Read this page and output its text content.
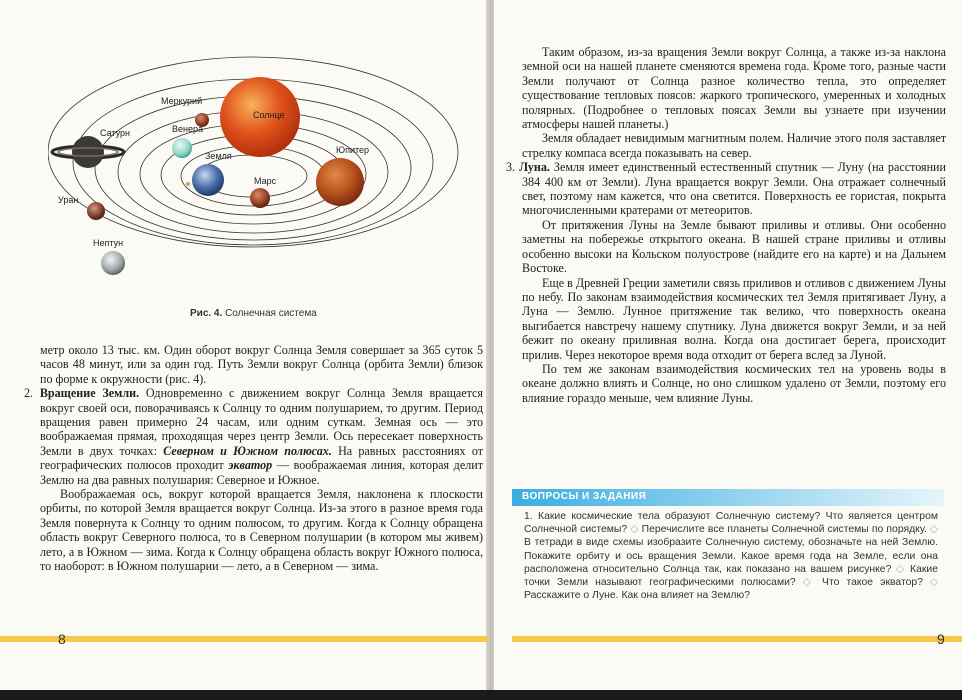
Солнце
Меркурий
Венера
Земля
Марс
Юпитер
Сатурн
Уран
Нептун
Рис. 4. Солнечная система

метр около 13 тыс. км. Один оборот вокруг Солнца Земля совершает за 365 суток 5 часов 48 минут, или за один год. Путь Земли вокруг Солнца (орбита Земли) близок по форме к окружности (рис. 4).

2. Вращение Земли. Одновременно с движением вокруг Солнца Земля вращается вокруг своей оси, поворачиваясь к Солнцу то одним полушарием, то другим. Период вращения равен примерно 24 часам, или одним суткам. Земная ось — это воображаемая прямая, проходящая через центр Земли. Ось пересекает поверхность Земли в двух точках: Северном и Южном полюсах. На равных расстояниях от географических полюсов проходит экватор — воображаемая линия, которая делит Землю на два равных полушария: Северное и Южное.

Воображаемая ось, вокруг которой вращается Земля, наклонена к плоскости орбиты, по которой Земля вращается вокруг Солнца. Из-за этого в разное время года Земля повернута к Солнцу то одним полюсом, то другим. Когда к Солнцу обращена область вокруг Северного полюса, то в Северном полушарии (в котором мы живем) лето, а в Южном — зима. Когда к Солнцу обращена область вокруг Южного полюса, то наоборот: в Южном полушарии — лето, а в Северном — зима.

Таким образом, из-за вращения Земли вокруг Солнца, а также из-за наклона земной оси на нашей планете сменяются времена года. Кроме того, разные части Земли получают от Солнца разное количество тепла, это определяет существование тепловых поясов: жаркого тропического, умеренных и холодных полярных. (Подробнее о тепловых поясах Земли вы узнаете при изучении атмосферы нашей планеты.)

Земля обладает невидимым магнитным полем. Наличие этого поля заставляет стрелку компаса всегда показывать на север.

3. Луна. Земля имеет единственный естественный спутник — Луну (на расстоянии 384 400 км от Земли). Луна вращается вокруг Земли. Она отражает солнечный свет, поэтому нам кажется, что она светится. Поверхность ее гористая, покрыта многочисленными кратерами от метеоритов.

От притяжения Луны на Земле бывают приливы и отливы. Они особенно заметны на побережье открытого океана. В нашей стране приливы и отливы особенно высоки на Кольском полуострове (найдите его на карте) и на Дальнем Востоке.

Еще в Древней Греции заметили связь приливов и отливов с движением Луны по небу. По законам взаимодействия космических тел Земля притягивает Луну, а Луна — Землю. Лунное притяжение так велико, что поверхность океана выгибается навстречу нашему спутнику. Луна движется вокруг Земли, и за ней бежит по океану приливная волна. Когда она достигает берега, происходит прилив. Через некоторое время вода отходит от берега вслед за Луной.

По тем же законам взаимодействия космических тел на уровень воды в океане должно влиять и Солнце, но оно слишком удалено от Земли, поэтому его влияние гораздо меньше, чем влияние Луны.

ВОПРОСЫ И ЗАДАНИЯ
1. Какие космические тела образуют Солнечную систему? Что является центром Солнечной системы? ◇ Перечислите все планеты Солнечной системы по порядку. ◇ В тетради в виде схемы изобразите Солнечную систему, обозначьте на ней Землю. Покажите орбиту и ось вращения Земли. Какое время года на Земле, если она расположена относительно Солнца так, как показано на вашем рисунке? ◇ Какие точки Земли называют географическими полюсами? ◇ Что такое экватор? ◇ Расскажите о Луне. Как она влияет на Землю?
8	9
